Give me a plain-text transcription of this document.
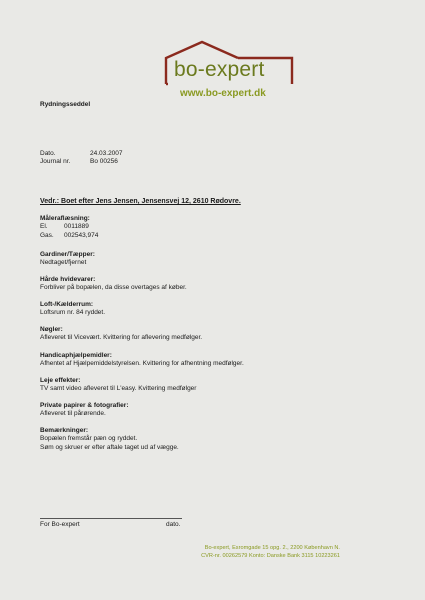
bo-expert
www.bo-expert.dk
Rydningsseddel
Dato.	24.03.2007
Journal nr.	Bo 00256
Vedr.: Boet efter Jens Jensen, Jensensvej 12, 2610 Rødovre.
Måleraflæsning:
El.	0011889
Gas.	002543,974
Gardiner/Tæpper:
Nedtaget/fjernet
Hårde hvidevarer:
Forbliver på bopælen, da disse overtages af køber.
Loft-/Kælderrum:
Loftsrum nr. 84 ryddet.
Nøgler:
Afleveret til Vicevært. Kvittering for aflevering medfølger.
Handicaphjælpemidler:
Afhentet af Hjælpemiddelstyrelsen. Kvittering for afhentning medfølger.
Leje effekter:
TV samt video afleveret til L'easy. Kvittering medfølger
Private papirer & fotografier:
Afleveret til pårørende.
Bemærkninger:
Bopælen fremstår pæn og ryddet.
Søm og skruer er efter aftale taget ud af vægge.
For Bo-expert	dato.
Bo-expert, Esromgade 15 opg. 2., 2200 København N.
CVR-nr. 00262579 Konto: Danske Bank 3115 10223261
